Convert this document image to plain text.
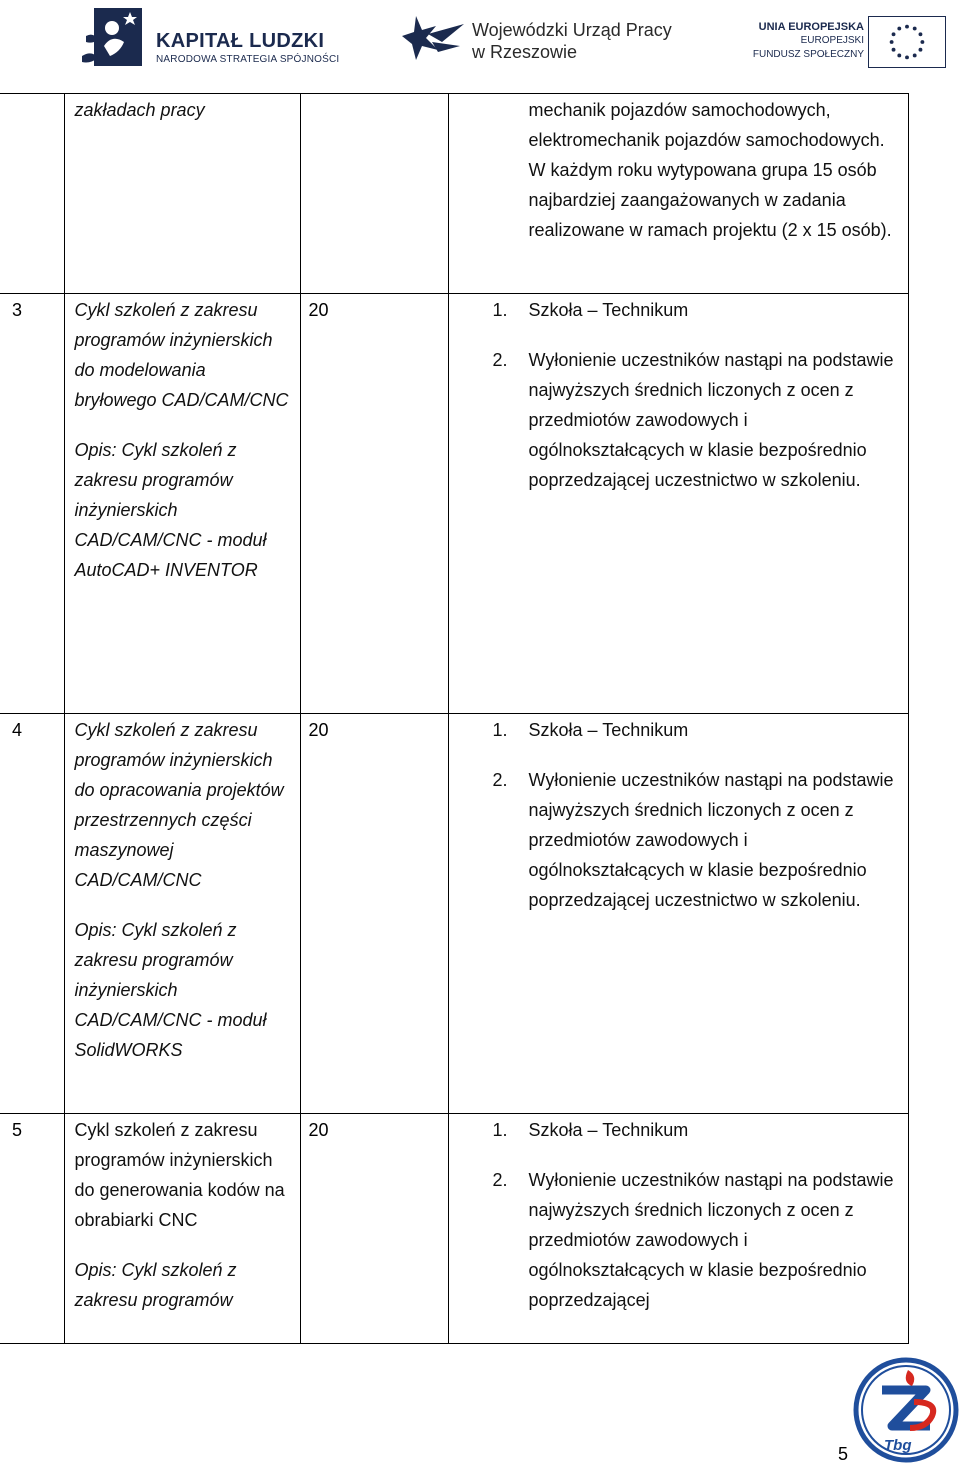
KAPITAŁ LUDZKI
NARODOWA STRATEGIA SPÓJNOŚCI
Wojewódzki Urząd Pracy
w Rzeszowie
UNIA EUROPEJSKA
EUROPEJSKI
FUNDUSZ SPOŁECZNY

	zakładach pracy		mechanik pojazdów samochodowych, elektromechanik pojazdów samochodowych. W każdym roku wytypowana grupa 15 osób najbardziej zaangażowanych w zadania realizowane w ramach projektu (2 x 15 osób).
3	Cykl szkoleń z zakresu programów inżynierskich do modelowania bryłowego CAD/CAM/CNC
Opis: Cykl szkoleń z zakresu programów inżynierskich CAD/CAM/CNC - moduł AutoCAD+ INVENTOR	20	1. Szkoła – Technikum
2. Wyłonienie uczestników nastąpi na podstawie najwyższych średnich liczonych z ocen z przedmiotów zawodowych i ogólnokształcących w klasie bezpośrednio poprzedzającej uczestnictwo w szkoleniu.

4	Cykl szkoleń z zakresu programów inżynierskich do opracowania projektów przestrzennych części maszynowej CAD/CAM/CNC
Opis: Cykl szkoleń z zakresu programów inżynierskich CAD/CAM/CNC - moduł SolidWORKS	20	1. Szkoła – Technikum
2. Wyłonienie uczestników nastąpi na podstawie najwyższych średnich liczonych z ocen z przedmiotów zawodowych i ogólnokształcących w klasie bezpośrednio poprzedzającej uczestnictwo w szkoleniu.

5	Cykl szkoleń z zakresu programów inżynierskich do generowania kodów na obrabiarki CNC
Opis: Cykl szkoleń z zakresu programów	20	1. Szkoła – Technikum
2. Wyłonienie uczestników nastąpi na podstawie najwyższych średnich liczonych z ocen z przedmiotów zawodowych i ogólnokształcących w klasie bezpośrednio poprzedzającej
5 Tbg
